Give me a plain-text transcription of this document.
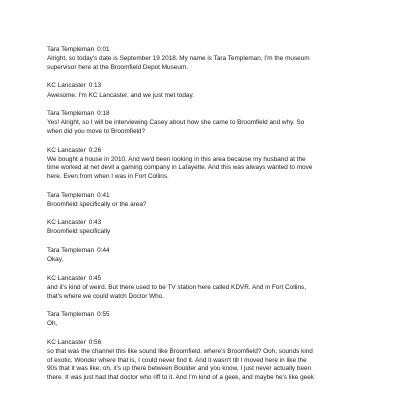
Tara Templeman 0:01
Alright, so today's date is September 19 2018. My name is Tara Templeman, I'm the museum
supervisor here at the Broomfield Depot Museum.
KC Lancaster 0:13
Awesome. I'm KC Lancaster, and we just met today.
Tara Templeman 0:18
Yes! Alright, so I will be interviewing Casey about how she came to Broomfield and why. So
when did you move to Broomfield?
KC Lancaster 0:26
We bought a house in 2010. And we'd been looking in this area because my husband at the
time worked at net devil a gaming company in Lafayette. And this was always wanted to move
here. Even from when I was in Fort Collins.
Tara Templeman 0:41
Broomfield specifically or the area?
KC Lancaster 0:43
Broomfield specifically
Tara Templeman 0:44
Okay,
KC Lancaster 0:45
and it's kind of weird. But there used to be TV station here called KDVR. And in Fort Collins,
that's where we could watch Doctor Who.
Tara Templeman 0:55
Oh,
KC Lancaster 0:56
so that was the channel this like sound like Broomfield. where's Broomfield? Ooh, sounds kind
of exotic. Wonder where that is, I could never find it. And it wasn't till I moved here in like the
90s that it was like, oh, it's up there between Boulder and you know, I just never actually been
there. It was just had that doctor who riff to it. And I'm kind of a geek, and maybe he's like geek
